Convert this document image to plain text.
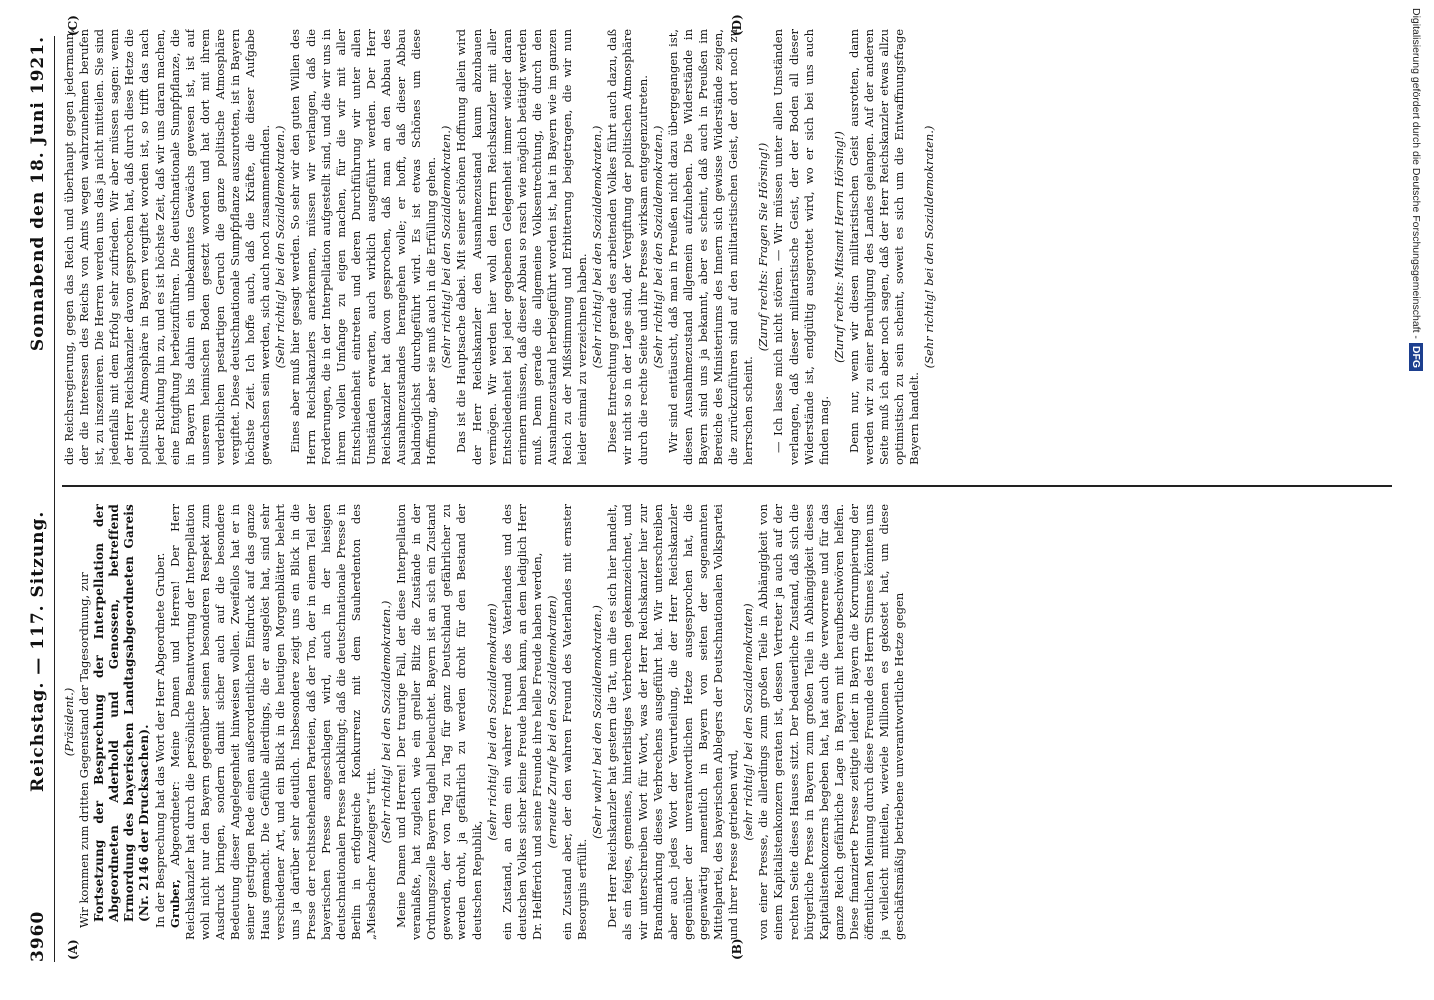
3960
Reichstag. — 117. Sitzung.
Sonnabend den 18. Juni 1921.
(A)	(B)
(C)	(D)

(Präsident.) Wir kommen zum dritten Gegenstand der Tagesordnung, zur Fortsetzung der Besprechung der Interpellation der Abgeordneten Aderhold und Genossen, betreffend Ermordung des bayerischen Landtagsabgeordneten Gareis (Nr. 2146 der Drucksachen). In der Besprechung hat das Wort der Herr Abgeordnete Gruber. Gruber, Abgeordneter: Meine Damen und Herren! Der Herr Reichskanzler hat durch die persönliche Beantwortung der Interpellation wohl nicht nur den Bayern gegenüber seinen besonderen Respekt zum Ausdruck bringen, sondern damit sicher auch auf die besondere Bedeutung dieser Angelegenheit hinweisen wollen. Zweifellos hat er in seiner gestrigen Rede einen außerordentlichen Eindruck auf das ganze Haus gemacht. Die Gefühle allerdings, die er ausgelöst hat, sind sehr verschiedener Art, und ein Blick in die heutigen Morgenblätter belehrt uns ja darüber sehr deutlich. Insbesondere zeigt uns ein Blick in die Presse der rechtsstehenden Parteien, daß der Ton, der in einem Teil der bayerischen Presse angeschlagen wird, auch in der hiesigen deutschnationalen Presse nachklingt; daß die deutschnationale Presse in Berlin in erfolgreiche Konkurrenz mit dem Sauherdenton des „Miesbacher Anzeigers“ tritt.

(Sehr richtig! bei den Sozialdemokraten.) Meine Damen und Herren! Der traurige Fall, der diese Interpellation veranlaßte, hat zugleich wie ein greller Blitz die Zustände in der Ordnungszelle Bayern taghell beleuchtet. Bayern ist an sich ein Zustand geworden, der von Tag zu Tag für ganz Deutschland gefährlicher zu werden droht, ja gefährlich zu werden droht für den Bestand der deutschen Republik,

(sehr richtig! bei den Sozialdemokraten) ein Zustand, an dem ein wahrer Freund des Vaterlandes und des deutschen Volkes sicher keine Freude haben kann, an dem lediglich Herr Dr. Helfferich und seine Freunde ihre helle Freude haben werden, (erneute Zurufe bei den Sozialdemokraten) ein Zustand aber, der den wahren Freund des Vaterlandes mit ernster Besorgnis erfüllt.

(Sehr wahr! bei den Sozialdemokraten.) Der Herr Reichskanzler hat gestern die Tat, um die es sich hier handelt, als ein feiges, gemeines, hinterlistiges Verbrechen gekennzeichnet, und wir unterschreiben Wort für Wort, was der Herr Reichskanzler hier zur Brandmarkung dieses Verbrechens ausgeführt hat. Wir unterschreiben aber auch jedes Wort der Verurteilung, die der Herr Reichskanzler gegenüber der unverantwortlichen Hetze ausgesprochen hat, die gegenwärtig namentlich in Bayern von seiten der sogenannten Mittelpartei, des bayerischen Ablegers der Deutschnationalen Volkspartei und ihrer Presse getrieben wird,

(sehr richtig! bei den Sozialdemokraten) von einer Presse, die allerdings zum großen Teile in Abhängigkeit von einem Kapitalistenkonzern geraten ist, dessen Vertreter ja auch auf der rechten Seite dieses Hauses sitzt. Der bedauerliche Zustand, daß sich die bürgerliche Presse in Bayern zum großen Teile in Abhängigkeit dieses Kapitalistenkonzerns begeben hat, hat auch die verworrene und für das ganze Reich gefährliche Lage in Bayern mit heraufbeschwören helfen. Diese finanzierte Presse zeitigte leider in Bayern die Korrumpierung der öffentlichen Meinung durch diese Freunde des Herrn Stinnes könnten uns ja vielleicht mitteilen, wieviele Millionen es gekostet hat, um diese geschäftsmäßig betriebene unverantwortliche Hetze gegen

die Reichsregierung, gegen das Reich und überhaupt gegen jedermann, der die Interessen des Reichs von Amts wegen wahrzunehmen berufen ist, zu inszenieren. Die Herren werden uns das ja nicht mitteilen. Sie sind jedenfalls mit dem Erfolg sehr zufrieden. Wir aber müssen sagen: wenn der Herr Reichskanzler davon gesprochen hat, daß durch diese Hetze die politische Atmosphäre in Bayern vergiftet worden ist, so trifft das nach jeder Richtung hin zu, und es ist höchste Zeit, daß wir uns daran machen, eine Entgiftung herbeizuführen. Die deutschnationale Sumpfpflanze, die in Bayern bis dahin ein unbekanntes Gewächs gewesen ist, ist auf unserem heimischen Boden gesetzt worden und hat dort mit ihrem verderblichen pestartigen Geruch die ganze politische Atmosphäre vergiftet. Diese deutschnationale Sumpfpflanze auszurotten, ist in Bayern höchste Zeit. Ich hoffe auch, daß die Kräfte, die dieser Aufgabe gewachsen sein werden, sich auch noch zusammenfinden. (Sehr richtig! bei den Sozialdemokraten.) Eines aber muß hier gesagt werden. So sehr wir den guten Willen des Herrn Reichskanzlers anerkennen, müssen wir verlangen, daß die Forderungen, die in der Interpellation aufgestellt sind, und die wir uns in ihrem vollen Umfange zu eigen machen, für die wir mit aller Entschiedenheit eintreten und deren Durchführung wir unter allen Umständen erwarten, auch wirklich ausgeführt werden. Der Herr Reichskanzler hat davon gesprochen, daß man an den Abbau des Ausnahmezustandes herangehen wolle; er hofft, daß dieser Abbau baldmöglichst durchgeführt wird. Es ist etwas Schönes um diese Hoffnung, aber sie muß auch in die Erfüllung gehen. (Sehr richtig! bei den Sozialdemokraten.) Das ist die Hauptsache dabei. Mit seiner schönen Hoffnung allein wird der Herr Reichskanzler den Ausnahmezustand kaum abzubauen vermögen. Wir werden hier wohl den Herrn Reichskanzler mit aller Entschiedenheit bei jeder gegebenen Gelegenheit immer wieder daran erinnern müssen, daß dieser Abbau so rasch wie möglich betätigt werden muß. Denn gerade die allgemeine Volksentrechtung, die durch den Ausnahmezustand herbeigeführt worden ist, hat in Bayern wie im ganzen Reich zu der Mißstimmung und Erbitterung beigetragen, die wir nun leider einmal zu verzeichnen haben. (Sehr richtig! bei den Sozialdemokraten.) Diese Entrechtung gerade des arbeitenden Volkes führt auch dazu, daß wir nicht so in der Lage sind, der Vergiftung der politischen Atmosphäre durch die rechte Seite und ihre Presse wirksam entgegenzutreten. (Sehr richtig! bei den Sozialdemokraten.) Wir sind enttäuscht, daß man in Preußen nicht dazu übergegangen ist, diesen Ausnahmezustand allgemein aufzuheben. Die Widerstände in Bayern sind uns ja bekannt, aber es scheint, daß auch in Preußen im Bereiche des Ministeriums des Innern sich gewisse Widerstände zeigen, die zurückzuführen sind auf den militaristischen Geist, der dort noch zu herrschen scheint.

(Zuruf rechts: Fragen Sie Hörsing!) — Ich lasse mich nicht stören. — Wir müssen unter allen Umständen verlangen, daß dieser militaristische Geist, der der Boden all dieser Widerstände ist, endgültig ausgerottet wird, wo er sich bei uns auch finden mag.

(Zuruf rechts: Mitsamt Herrn Hörsing!) Denn nur, wenn wir diesen militaristischen Geist ausrotten, dann werden wir zu einer Beruhigung des Landes gelangen. Auf der anderen Seite muß ich aber noch sagen, daß der Herr Reichskanzler etwas allzu optimistisch zu sein scheint, soweit es sich um die Entwaffnungsfrage Bayern handelt.

(Sehr richtig! bei den Sozialdemokraten.)	Digitalisierung gefördert durch die Deutsche Forschungsgemeinschaft -DFG
